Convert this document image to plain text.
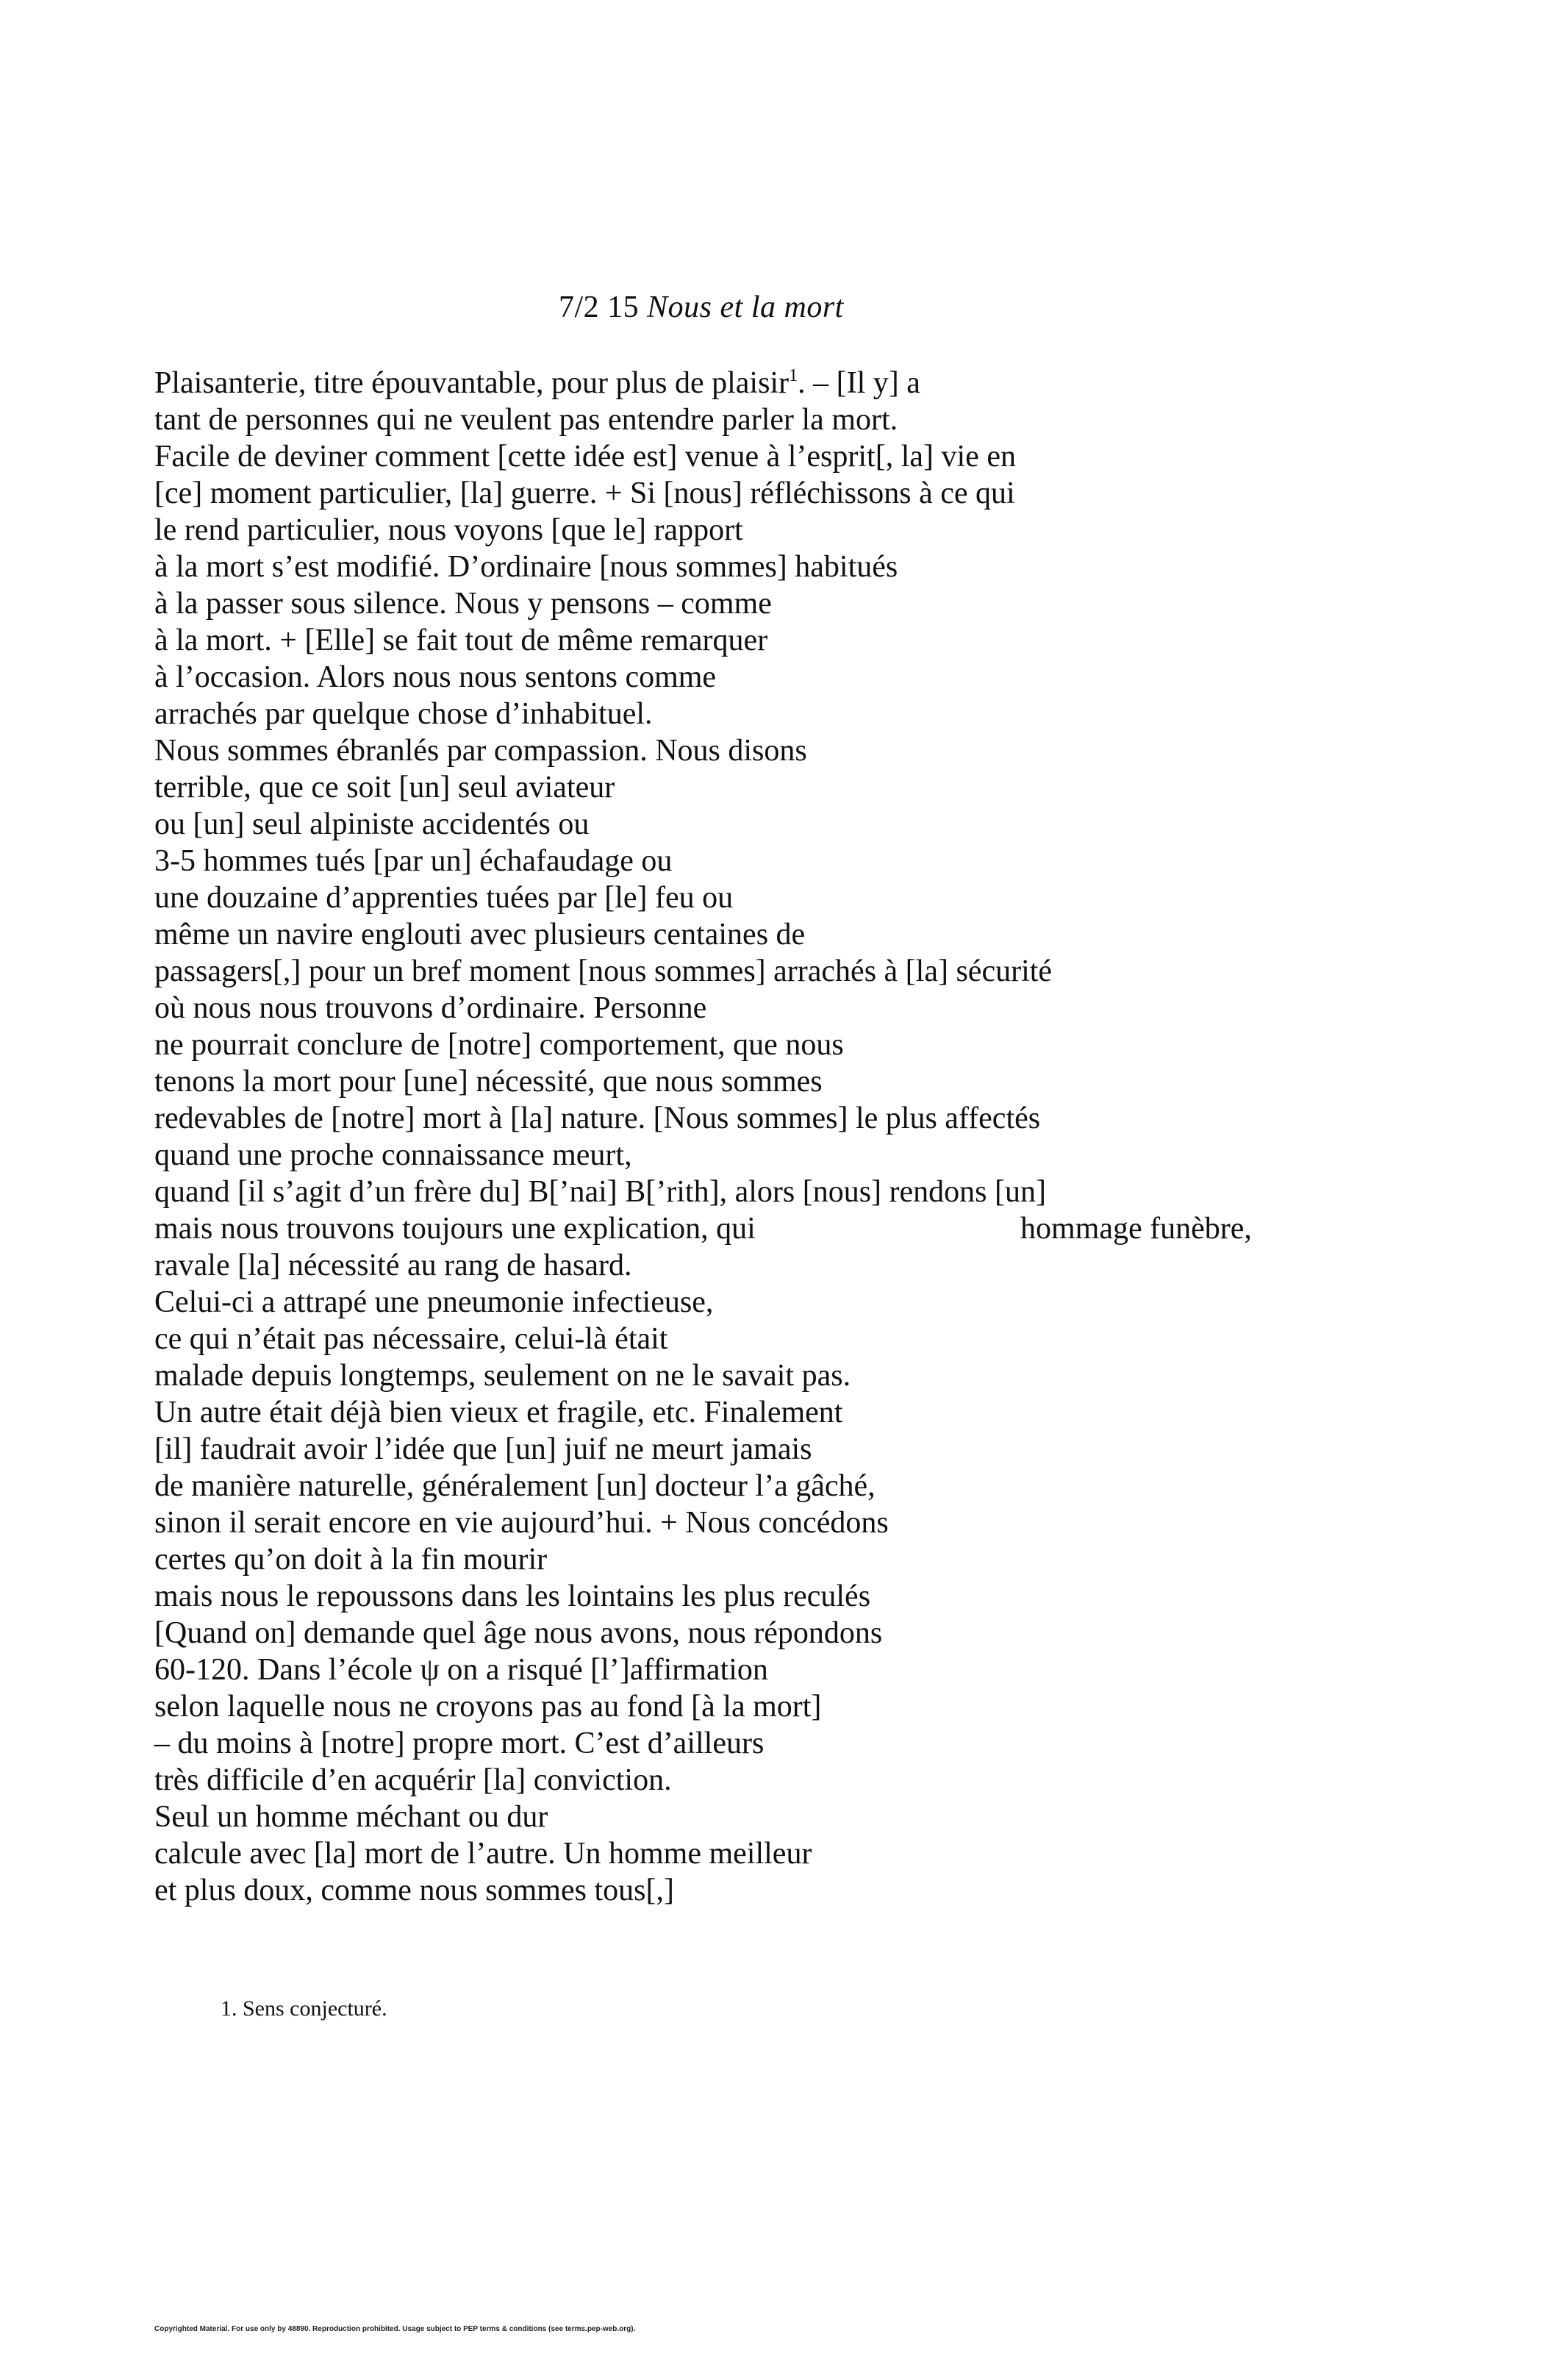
7/2 15 Nous et la mort
Plaisanterie, titre épouvantable, pour plus de plaisir$^1$. – [Il y] a
tant de personnes qui ne veulent pas entendre parler la mort.
Facile de deviner comment [cette idée est] venue à l’esprit[, la] vie en
[ce] moment particulier, [la] guerre. + Si [nous] réfléchissons à ce qui
le rend particulier, nous voyons [que le] rapport
à la mort s’est modifié. D’ordinaire [nous sommes] habitués
à la passer sous silence. Nous y pensons – comme
à la mort. + [Elle] se fait tout de même remarquer
à l’occasion. Alors nous nous sentons comme
arrachés par quelque chose d’inhabituel.
Nous sommes ébranlés par compassion. Nous disons
terrible, que ce soit [un] seul aviateur
ou [un] seul alpiniste accidentés ou
3-5 hommes tués [par un] échafaudage ou
une douzaine d’apprenties tuées par [le] feu ou
même un navire englouti avec plusieurs centaines de
passagers[,] pour un bref moment [nous sommes] arrachés à [la] sécurité
où nous nous trouvons d’ordinaire. Personne
ne pourrait conclure de [notre] comportement, que nous
tenons la mort pour [une] nécessité, que nous sommes
redevables de [notre] mort à [la] nature. [Nous sommes] le plus affectés
quand une proche connaissance meurt,
quand [il s’agit d’un frère du] B[’nai] B[’rith], alors [nous] rendons [un]
mais nous trouvons toujours une explication, qui	hommage funèbre,
ravale [la] nécessité au rang de hasard.
Celui-ci a attrapé une pneumonie infectieuse,
ce qui n’était pas nécessaire, celui-là était
malade depuis longtemps, seulement on ne le savait pas.
Un autre était déjà bien vieux et fragile, etc. Finalement
[il] faudrait avoir l’idée que [un] juif ne meurt jamais
de manière naturelle, généralement [un] docteur l’a gâché,
sinon il serait encore en vie aujourd’hui. + Nous concédons
certes qu’on doit à la fin mourir
mais nous le repoussons dans les lointains les plus reculés
[Quand on] demande quel âge nous avons, nous répondons
60-120. Dans l’école ψ on a risqué [l’]affirmation
selon laquelle nous ne croyons pas au fond [à la mort]
– du moins à [notre] propre mort. C’est d’ailleurs
très difficile d’en acquérir [la] conviction.
Seul un homme méchant ou dur
calcule avec [la] mort de l’autre. Un homme meilleur
et plus doux, comme nous sommes tous[,]
1. Sens conjecturé.
Copyrighted Material. For use only by 48890. Reproduction prohibited. Usage subject to PEP terms & conditions (see terms.pep-web.org).
